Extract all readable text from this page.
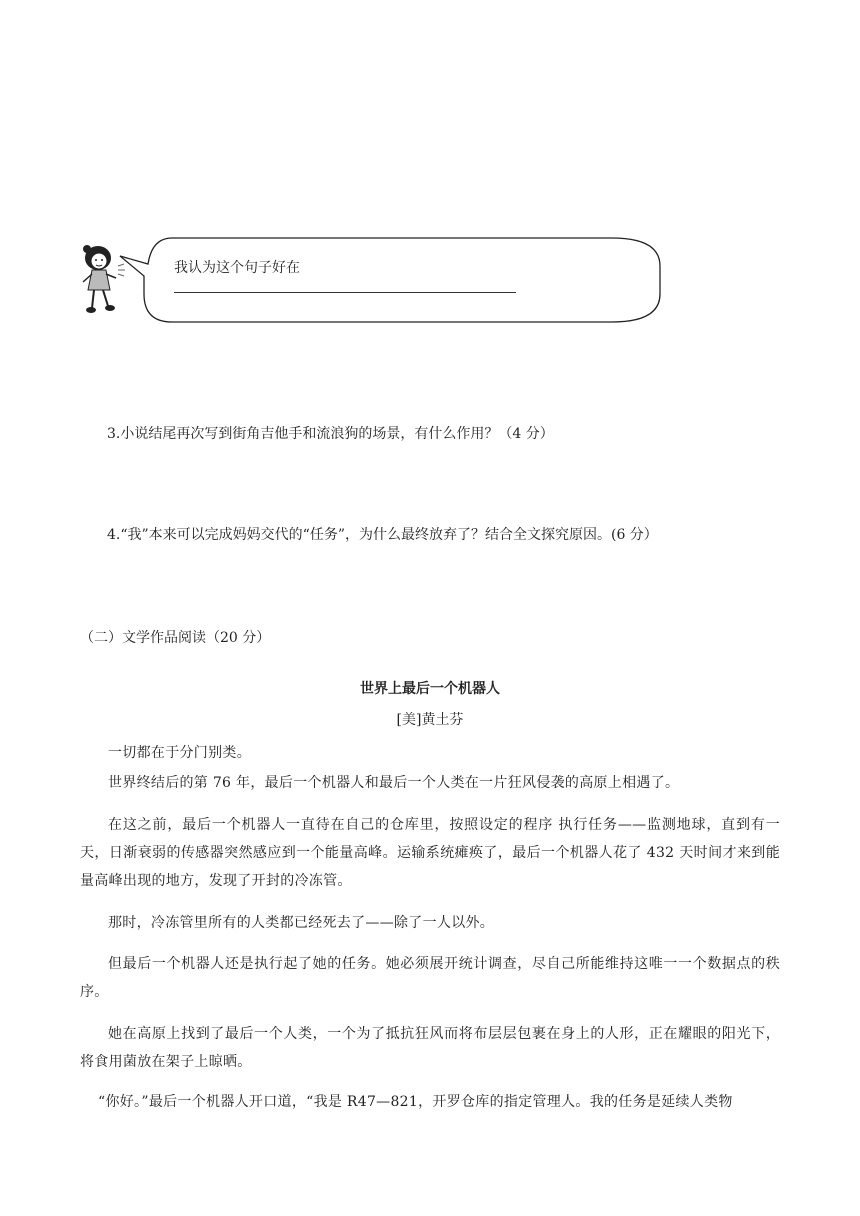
我认为这个句子好在
3.小说结尾再次写到街角吉他手和流浪狗的场景，有什么作用？（4 分）
4.“我”本来可以完成妈妈交代的“任务”，为什么最终放弃了？结合全文探究原因。(6 分）
（二）文学作品阅读（20 分）
世界上最后一个机器人
[美]黄土芬
一切都在于分门别类。
世界终结后的第 76 年，最后一个机器人和最后一个人类在一片狂风侵袭的高原上相遇了。
在这之前，最后一个机器人一直待在自己的仓库里，按照设定的程序 执行任务——监测地球，直到有一天，日渐衰弱的传感器突然感应到一个能量高峰。运输系统瘫痪了，最后一个机器人花了 432 天时间才来到能量高峰出现的地方，发现了开封的冷冻管。
那时，冷冻管里所有的人类都已经死去了——除了一人以外。
但最后一个机器人还是执行起了她的任务。她必须展开统计调查，尽自己所能维持这唯一一个数据点的秩序。
她在高原上找到了最后一个人类，一个为了抵抗狂风而将布层层包裹在身上的人形，正在耀眼的阳光下，将食用菌放在架子上晾晒。
“你好。”最后一个机器人开口道，“我是 R47—821，开罗仓库的指定管理人。我的任务是延续人类物
